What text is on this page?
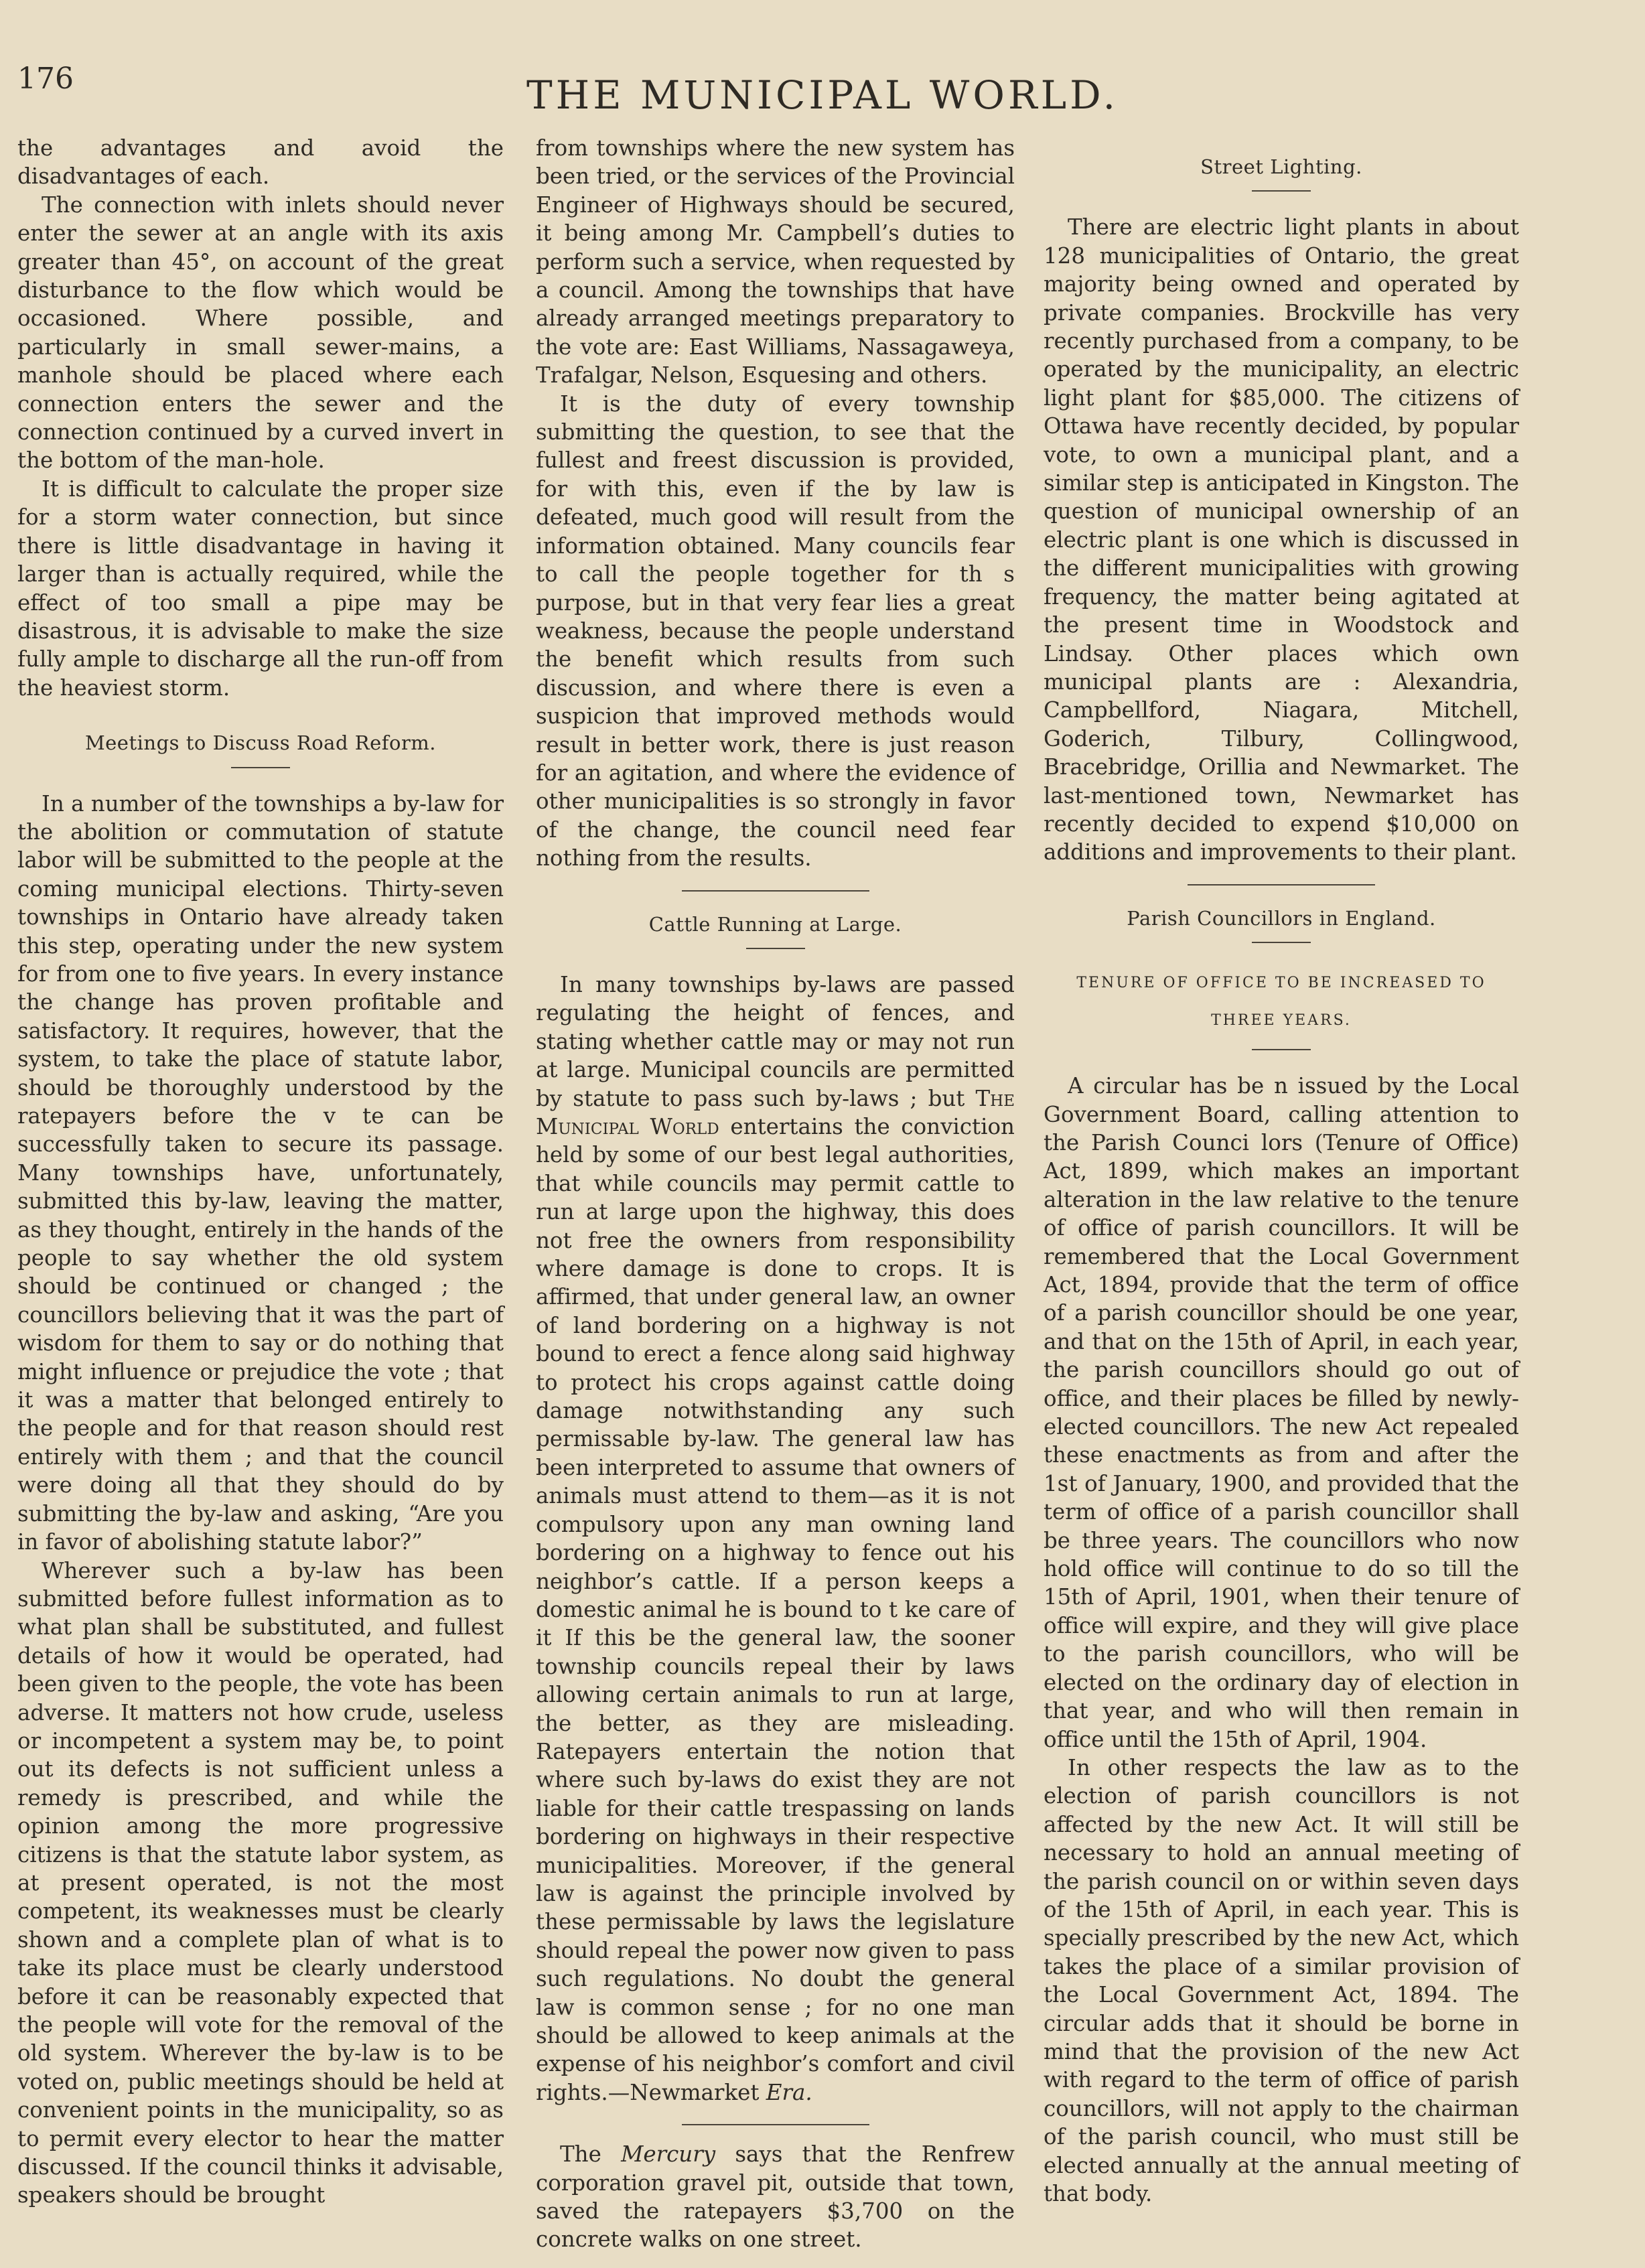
176	THE MUNICIPAL WORLD.

the advantages and avoid the disadvantages of each.

The connection with inlets should never enter the sewer at an angle with its axis greater than 45°, on account of the great disturbance to the flow which would be occasioned. Where possible, and particularly in small sewer-mains, a manhole should be placed where each connection enters the sewer and the connection continued by a curved invert in the bottom of the man-hole.

It is difficult to calculate the proper size for a storm water connection, but since there is little disadvantage in having it larger than is actually required, while the effect of too small a pipe may be disastrous, it is advisable to make the size fully ample to discharge all the run-off from the heaviest storm.

Meetings to Discuss Road Reform.

In a number of the townships a by-law for the abolition or commutation of statute labor will be submitted to the people at the coming municipal elections. Thirty-seven townships in Ontario have already taken this step, operating under the new system for from one to five years. In every instance the change has proven profitable and satisfactory. It requires, however, that the system, to take the place of statute labor, should be thoroughly understood by the ratepayers before the v te can be successfully taken to secure its passage. Many townships have, unfortunately, submitted this by-law, leaving the matter, as they thought, entirely in the hands of the people to say whether the old system should be continued or changed ; the councillors believing that it was the part of wisdom for them to say or do nothing that might influence or prejudice the vote ; that it was a matter that belonged entirely to the people and for that reason should rest entirely with them ; and that the council were doing all that they should do by submitting the by-law and asking, “Are you in favor of abolishing statute labor?”

Wherever such a by-law has been submitted before fullest information as to what plan shall be substituted, and fullest details of how it would be operated, had been given to the people, the vote has been adverse. It matters not how crude, useless or incompetent a system may be, to point out its defects is not sufficient unless a remedy is prescribed, and while the opinion among the more progressive citizens is that the statute labor system, as at present operated, is not the most competent, its weaknesses must be clearly shown and a complete plan of what is to take its place must be clearly understood before it can be reasonably expected that the people will vote for the removal of the old system. Wherever the by-law is to be voted on, public meetings should be held at convenient points in the municipality, so as to permit every elector to hear the matter discussed. If the council thinks it advisable, speakers should be brought

from townships where the new system has been tried, or the services of the Provincial Engineer of Highways should be secured, it being among Mr. Campbell’s duties to perform such a service, when requested by a council. Among the townships that have already arranged meetings preparatory to the vote are: East Williams, Nassagaweya, Trafalgar, Nelson, Esquesing and others.

It is the duty of every township submitting the question, to see that the fullest and freest discussion is provided, for with this, even if the by law is defeated, much good will result from the information obtained. Many councils fear to call the people together for th s purpose, but in that very fear lies a great weakness, because the people understand the benefit which results from such discussion, and where there is even a suspicion that improved methods would result in better work, there is just reason for an agitation, and where the evidence of other municipalities is so strongly in favor of the change, the council need fear nothing from the results.

Cattle Running at Large.

In many townships by-laws are passed regulating the height of fences, and stating whether cattle may or may not run at large. Municipal councils are permitted by statute to pass such by-laws ; but The Municipal World entertains the conviction held by some of our best legal authorities, that while councils may permit cattle to run at large upon the highway, this does not free the owners from responsibility where damage is done to crops. It is affirmed, that under general law, an owner of land bordering on a highway is not bound to erect a fence along said highway to protect his crops against cattle doing damage notwithstanding any such permissable by-law. The general law has been interpreted to assume that owners of animals must attend to them—as it is not compulsory upon any man owning land bordering on a highway to fence out his neighbor’s cattle. If a person keeps a domestic animal he is bound to t ke care of it If this be the general law, the sooner township councils repeal their by laws allowing certain animals to run at large, the better, as they are misleading. Ratepayers entertain the notion that where such by-laws do exist they are not liable for their cattle trespassing on lands bordering on highways in their respective municipalities. Moreover, if the general law is against the principle involved by these permissable by laws the legislature should repeal the power now given to pass such regulations. No doubt the general law is common sense ; for no one man should be allowed to keep animals at the expense of his neighbor’s comfort and civil rights.—Newmarket Era.

The Mercury says that the Renfrew corporation gravel pit, outside that town, saved the ratepayers $3,700 on the concrete walks on one street.

Street Lighting.

There are electric light plants in about 128 municipalities of Ontario, the great majority being owned and operated by private companies. Brockville has very recently purchased from a company, to be operated by the municipality, an electric light plant for $85,000. The citizens of Ottawa have recently decided, by popular vote, to own a municipal plant, and a similar step is anticipated in Kingston. The question of municipal ownership of an electric plant is one which is discussed in the different municipalities with growing frequency, the matter being agitated at the present time in Woodstock and Lindsay. Other places which own municipal plants are : Alexandria, Campbellford, Niagara, Mitchell, Goderich, Tilbury, Collingwood, Bracebridge, Orillia and Newmarket. The last-mentioned town, Newmarket has recently decided to expend $10,000 on additions and improvements to their plant.

Parish Councillors in England.
TENURE OF OFFICE TO BE INCREASED TO
THREE YEARS.

A circular has be n issued by the Local Government Board, calling attention to the Parish Counci lors (Tenure of Office) Act, 1899, which makes an important alteration in the law relative to the tenure of office of parish councillors. It will be remembered that the Local Government Act, 1894, provide that the term of office of a parish councillor should be one year, and that on the 15th of April, in each year, the parish councillors should go out of office, and their places be filled by newly-elected councillors. The new Act repealed these enactments as from and after the 1st of January, 1900, and provided that the term of office of a parish councillor shall be three years. The councillors who now hold office will continue to do so till the 15th of April, 1901, when their tenure of office will expire, and they will give place to the parish councillors, who will be elected on the ordinary day of election in that year, and who will then remain in office until the 15th of April, 1904.

In other respects the law as to the election of parish councillors is not affected by the new Act. It will still be necessary to hold an annual meeting of the parish council on or within seven days of the 15th of April, in each year. This is specially prescribed by the new Act, which takes the place of a similar provision of the Local Government Act, 1894. The circular adds that it should be borne in mind that the provision of the new Act with regard to the term of office of parish councillors, will not apply to the chairman of the parish council, who must still be elected annually at the annual meeting of that body.
